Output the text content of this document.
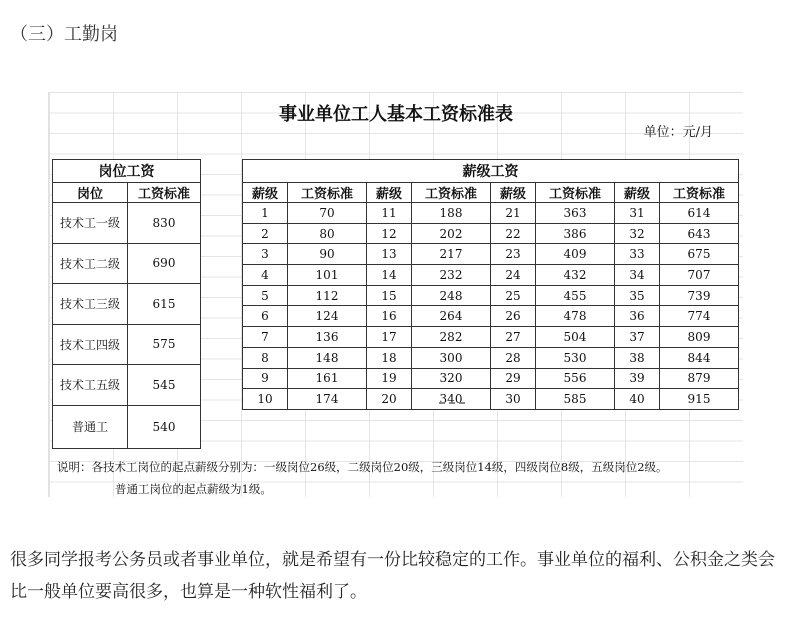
（三）工勤岗
事业单位工人基本工资标准表
单位：元/月
岗位工资	
岗位	工资标准
技术工一级	830
技术工二级	690
技术工三级	615
技术工四级	575
技术工五级	545
普通工	540
薪级工资							
薪级	工资标准	薪级	工资标准	薪级	工资标准	薪级	工资标准
1	70	11	188	21	363	31	614
2	80	12	202	22	386	32	643
3	90	13	217	23	409	33	675
4	101	14	232	24	432	34	707
5	112	15	248	25	455	35	739
6	124	16	264	26	478	36	774
7	136	17	282	27	504	37	809
8	148	18	300	28	530	38	844
9	161	19	320	29	556	39	879
10	174	20	340	30	585	40	915
说明：各技术工岗位的起点薪级分别为：一级岗位26级，二级岗位20级，三级岗位14级，四级岗位8级，五级岗位2级。
普通工岗位的起点薪级为1级。
很多同学报考公务员或者事业单位，就是希望有一份比较稳定的工作。事业单位的福利、公积金之类会比一般单位要高很多，也算是一种软性福利了。
